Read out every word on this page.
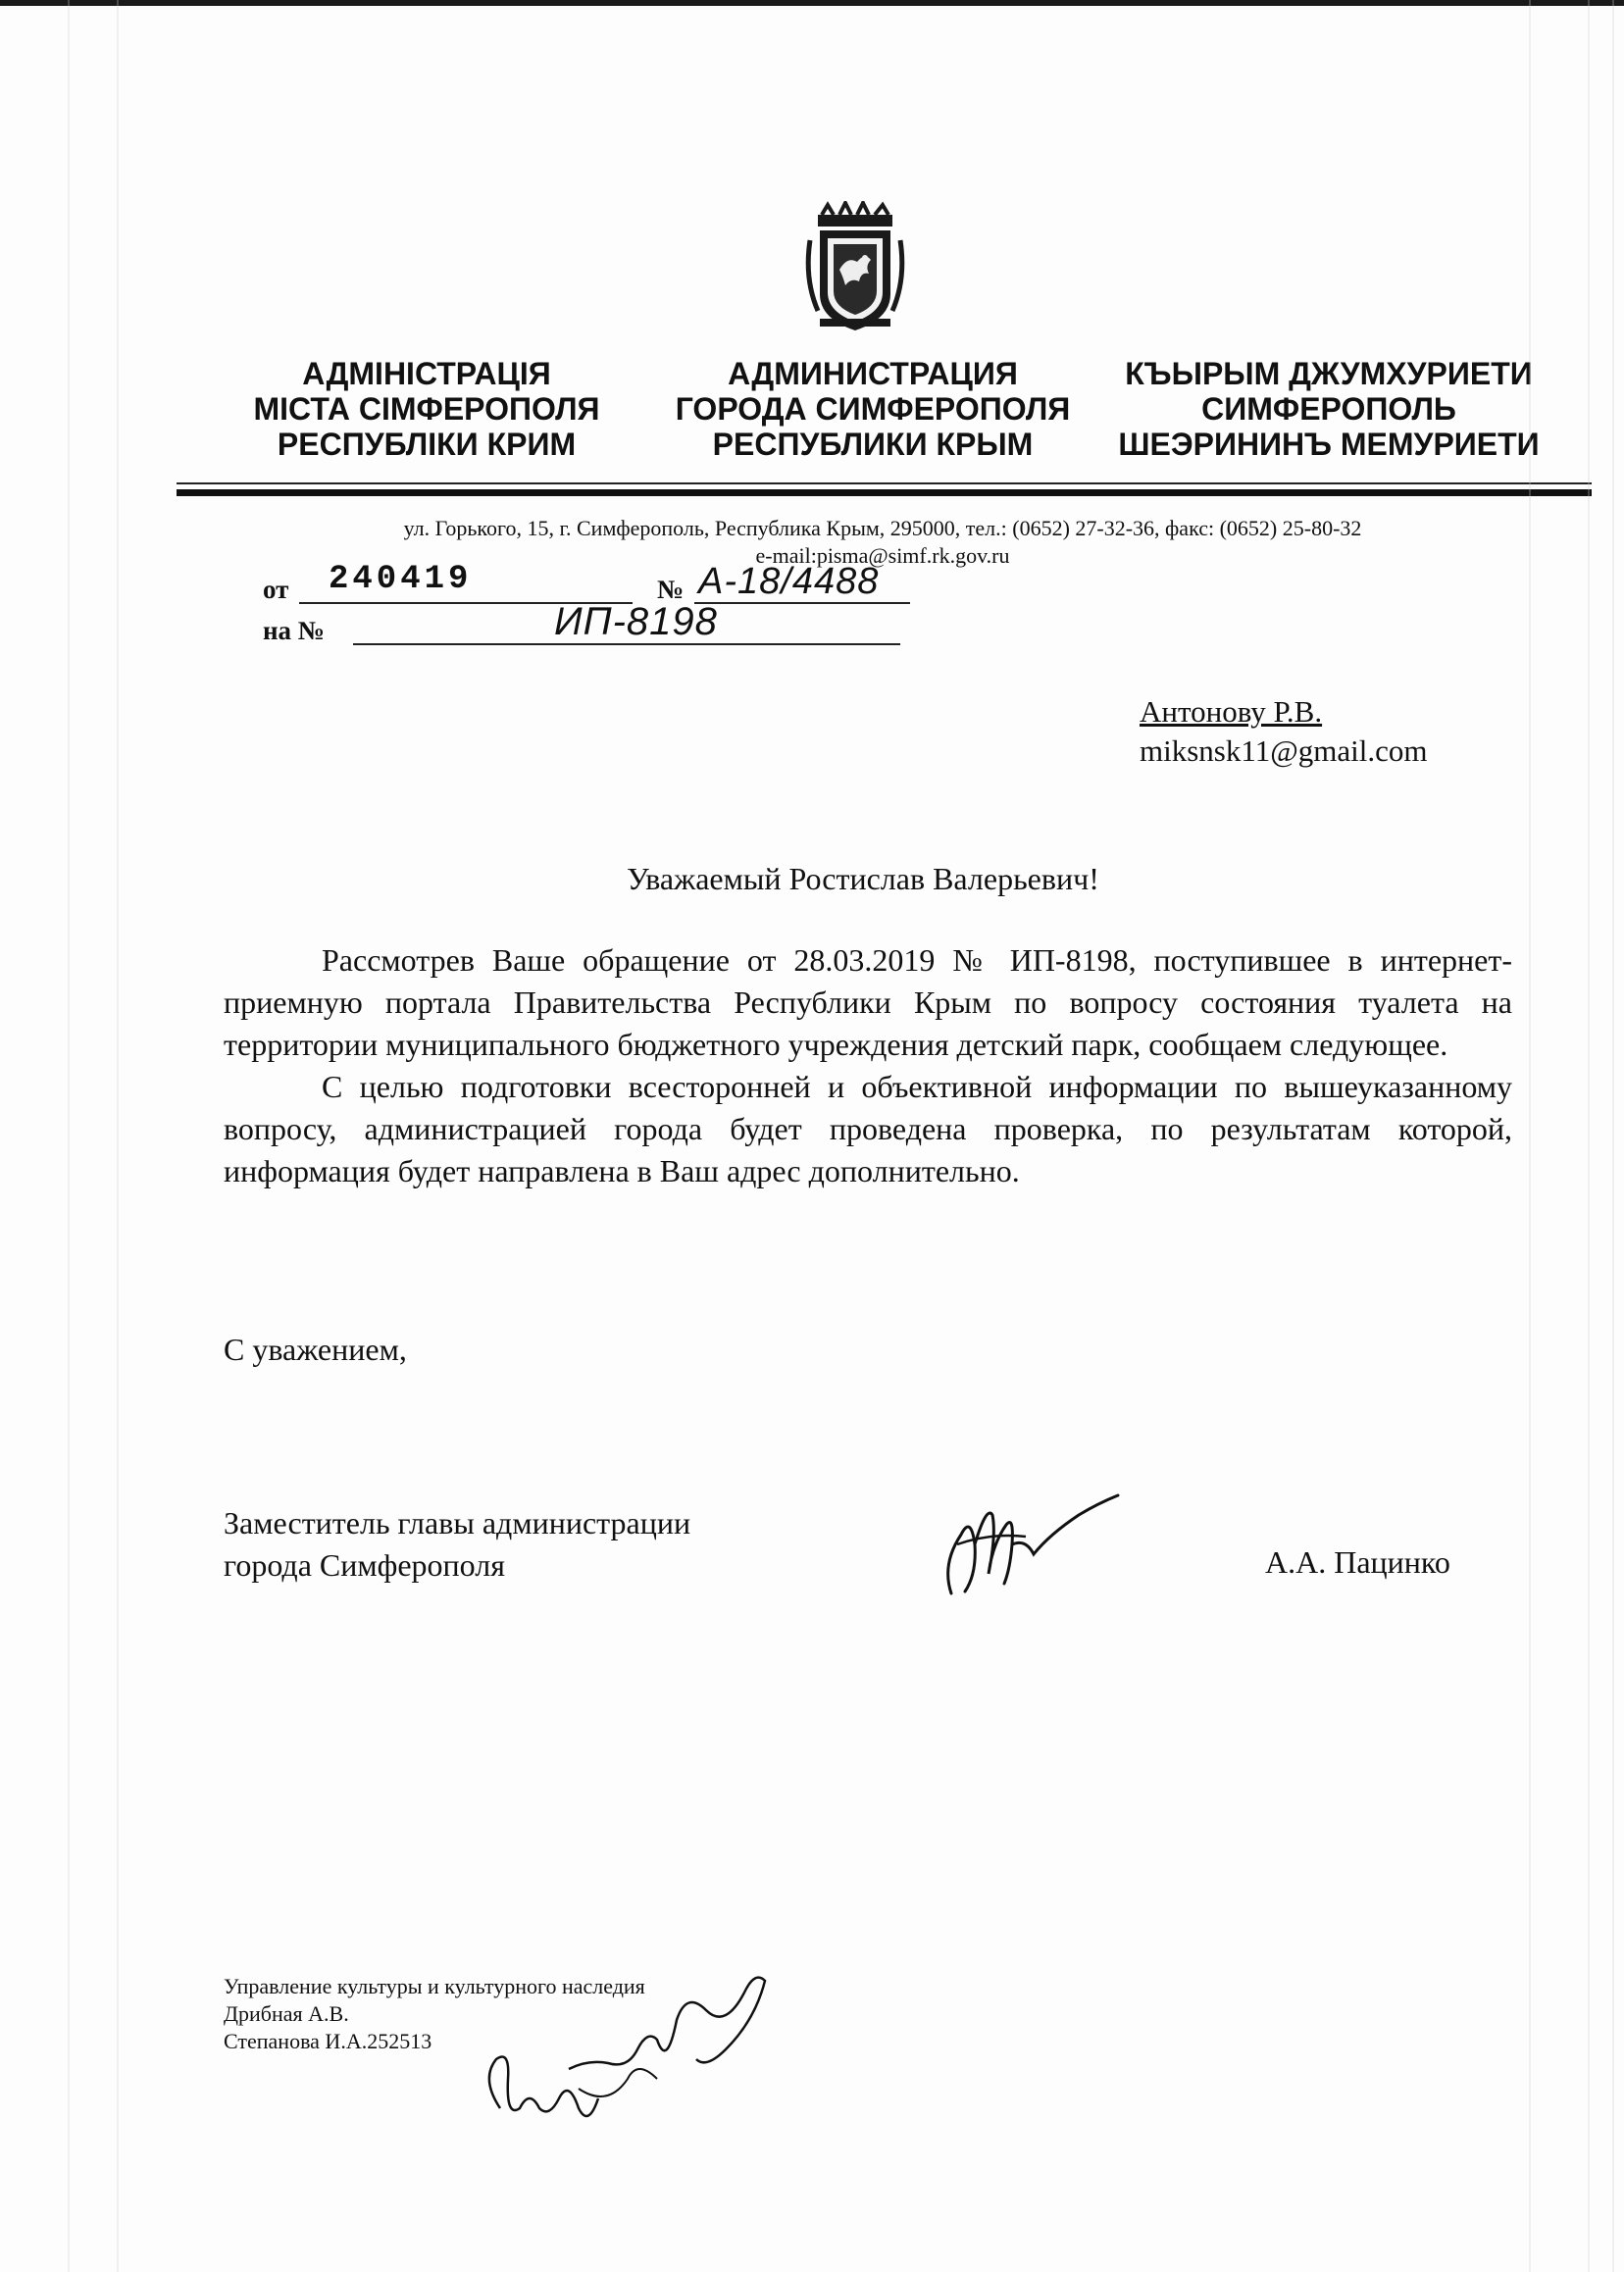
АДМІНІСТРАЦІЯ
МІСТА СІМФЕРОПОЛЯ
РЕСПУБЛІКИ КРИМ
АДМИНИСТРАЦИЯ
ГОРОДА СИМФЕРОПОЛЯ
РЕСПУБЛИКИ КРЫМ
КЪЫРЫМ ДЖУМХУРИЕТИ
СИМФЕРОПОЛЬ
ШЕЭРИНИНЪ МЕМУРИЕТИ
ул. Горького, 15, г. Симферополь, Республика Крым, 295000, тел.: (0652) 27-32-36, факс: (0652) 25-80-32
e-mail:pisma@simf.rk.gov.ru
от 240419	№ А-18/4488
на №	ИП-8198
Антонову Р.В.
miksnsk11@gmail.com
Уважаемый Ростислав Валерьевич!

Рассмотрев Ваше обращение от 28.03.2019 № ИП-8198, поступившее в интернет-приемную портала Правительства Республики Крым по вопросу состояния туалета на территории муниципального бюджетного учреждения детский парк, сообщаем следующее.

С целью подготовки всесторонней и объективной информации по вышеуказанному вопросу, администрацией города будет проведена проверка, по результатам которой, информация будет направлена в Ваш адрес дополнительно.

С уважением,
Заместитель главы администрации
города Симферополя	А.А. Пацинко
Управление культуры и культурного наследия
Дрибная А.В.
Степанова И.А.252513
